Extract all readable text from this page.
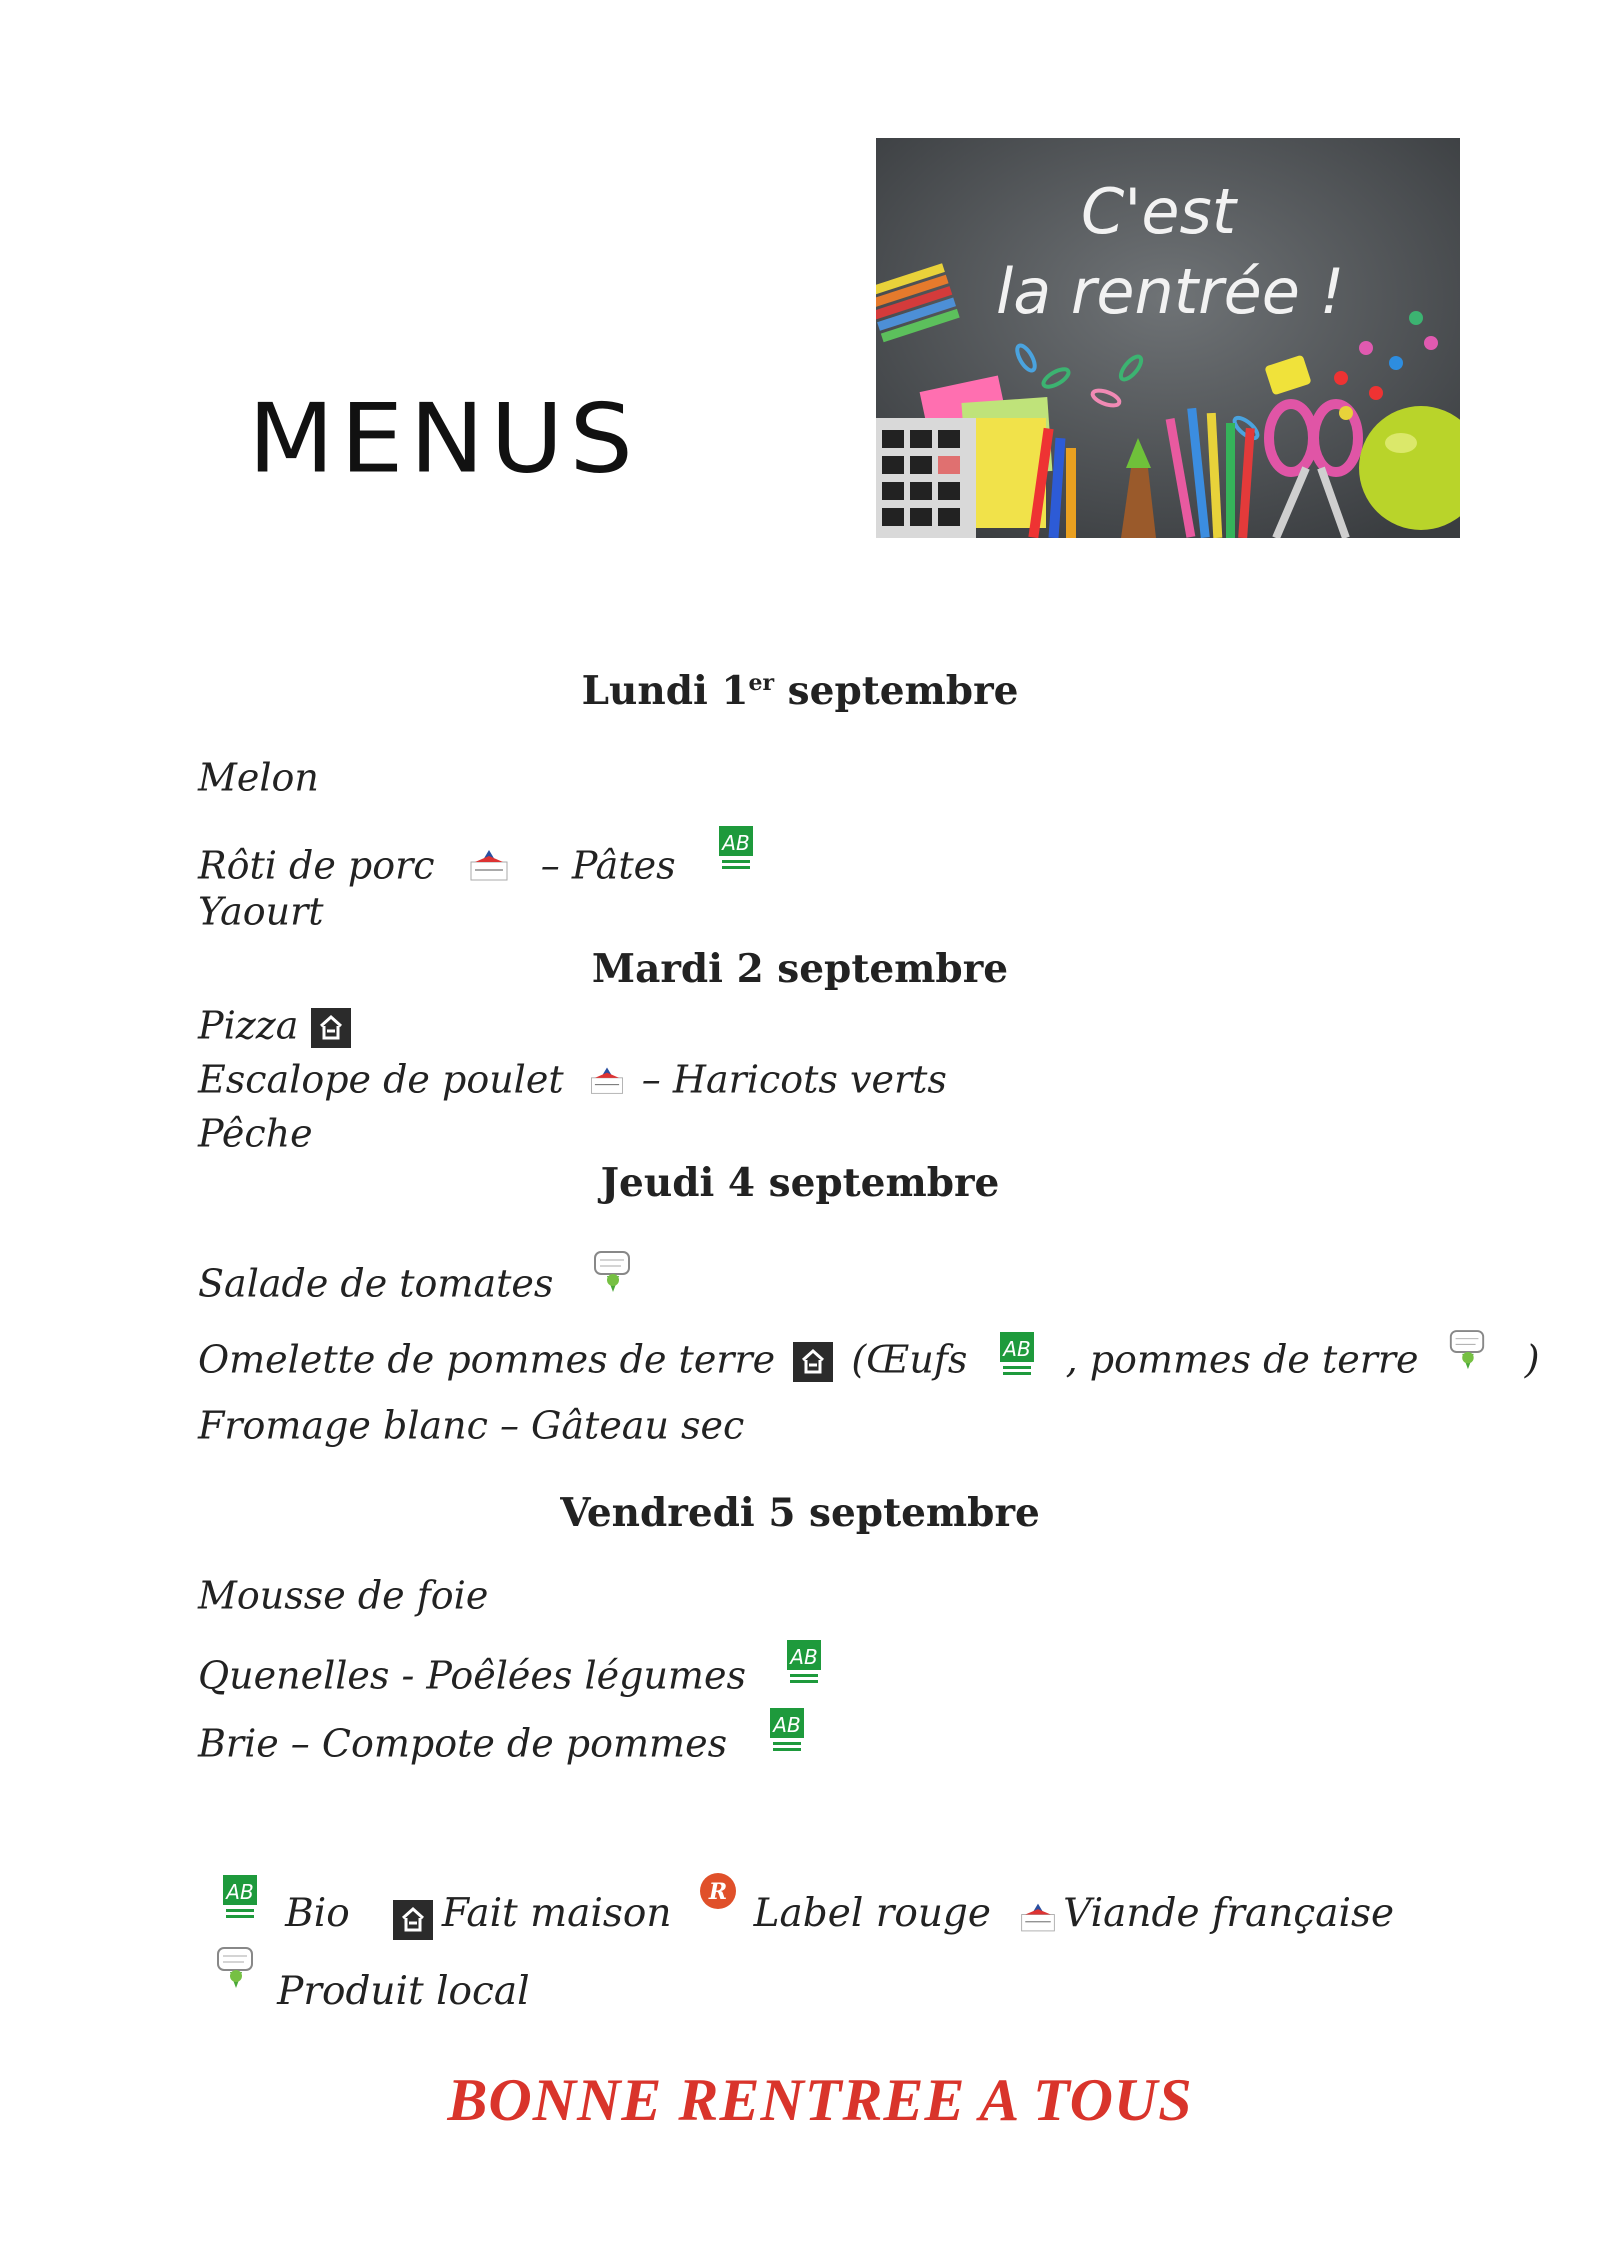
MENUS
C'est
la rentrée !
Lundi 1er septembre
Melon
Rôti de porc	– Pâtes
AB
Yaourt
Mardi 2 septembre
Pizza
Escalope de poulet – Haricots verts
Pêche
Jeudi 4 septembre
Salade de tomates
Omelette de pommes de terre (Œufs AB , pommes de terre	)
Fromage blanc – Gâteau sec
Vendredi 5 septembre
Mousse de foie
Quenelles - Poêlées légumes AB
Brie – Compote de pommes AB
AB Bio Fait maison R Label rouge Viande française
Produit local
BONNE RENTREE A TOUS
